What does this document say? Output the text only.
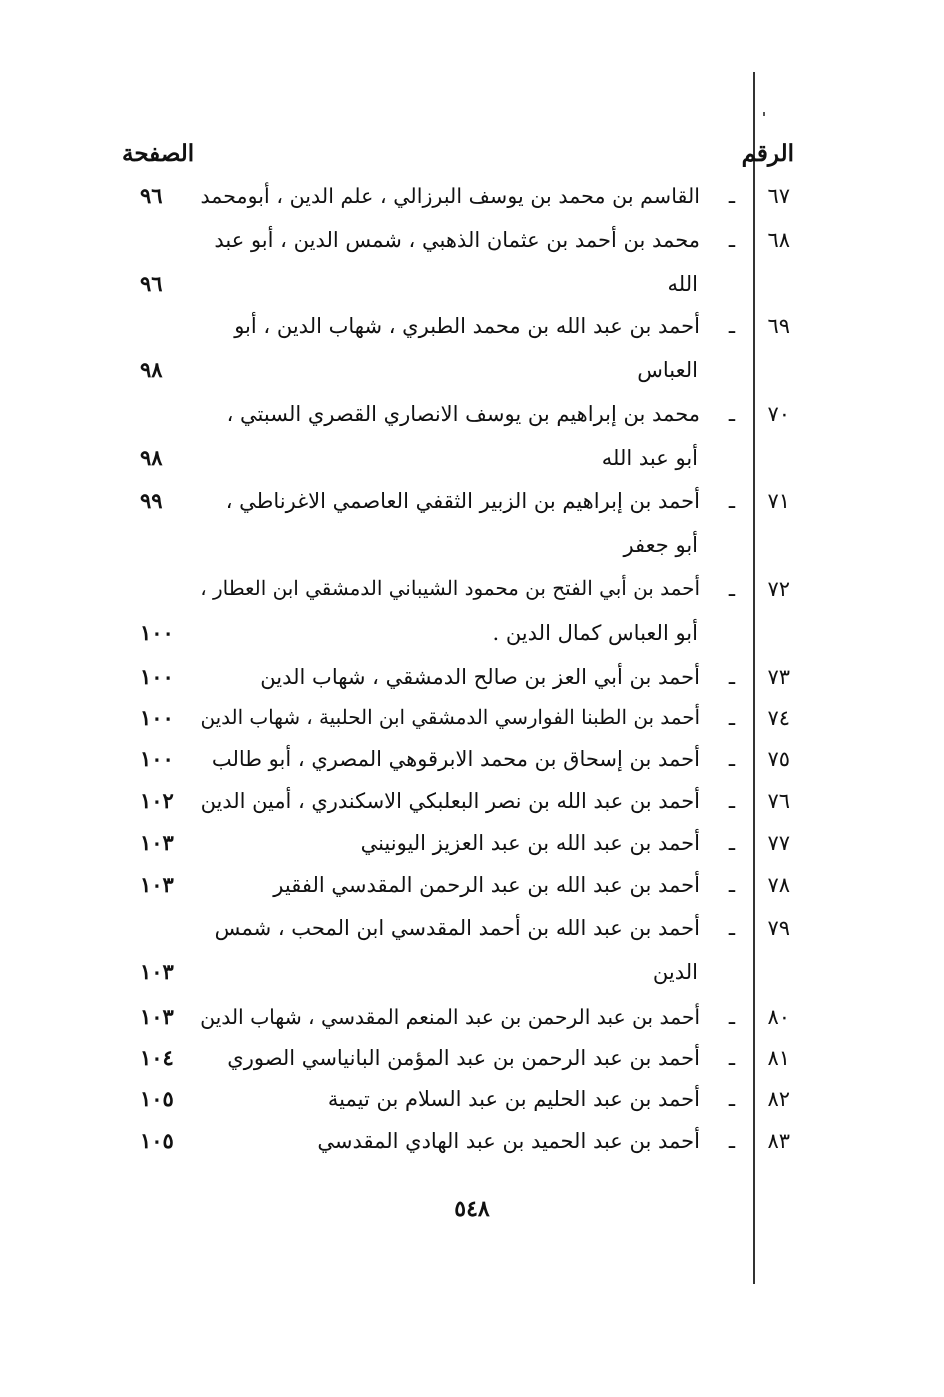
الرقم
الصفحة
٦٧
ـ
القاسم بن محمد بن يوسف البرزالي ، علم الدين ، أبومحمد
٩٦
٦٨
ـ
محمد بن أحمد بن عثمان الذهبي ، شمس الدين ، أبو عبد
الله
٩٦
٦٩
ـ
أحمد بن عبد الله بن محمد الطبري ، شهاب الدين ، أبو
العباس
٩٨
٧٠
ـ
محمد بن إبراهيم بن يوسف الانصاري القصري السبتي ،
أبو عبد الله
٩٨
٧١
ـ
أحمد بن إبراهيم بن الزبير الثقفي العاصمي الاغرناطي ،
أبو جعفر
٩٩
٧٢
ـ
أحمد بن أبي الفتح بن محمود الشيباني الدمشقي ابن العطار ،
أبو العباس كمال الدين .
١٠٠
٧٣
ـ
أحمد بن أبي العز بن صالح الدمشقي ، شهاب الدين
١٠٠
٧٤
ـ
أحمد بن الطبنا الفوارسي الدمشقي ابن الحلبية ، شهاب الدين
١٠٠
٧٥
ـ
أحمد بن إسحاق بن محمد الابرقوهي المصري ، أبو طالب
١٠٠
٧٦
ـ
أحمد بن عبد الله بن نصر البعلبكي الاسكندري ، أمين الدين
١٠٢
٧٧
ـ
أحمد بن عبد الله بن عبد العزيز اليونيني
١٠٣
٧٨
ـ
أحمد بن عبد الله بن عبد الرحمن المقدسي الفقير
١٠٣
٧٩
ـ
أحمد بن عبد الله بن أحمد المقدسي ابن المحب ، شمس
الدين
١٠٣
٨٠
ـ
أحمد بن عبد الرحمن بن عبد المنعم المقدسي ، شهاب الدين
١٠٣
٨١
ـ
أحمد بن عبد الرحمن بن عبد المؤمن البانياسي الصوري
١٠٤
٨٢
ـ
أحمد بن عبد الحليم بن عبد السلام بن تيمية
١٠٥
٨٣
ـ
أحمد بن عبد الحميد بن عبد الهادي المقدسي
١٠٥
٥٤٨
